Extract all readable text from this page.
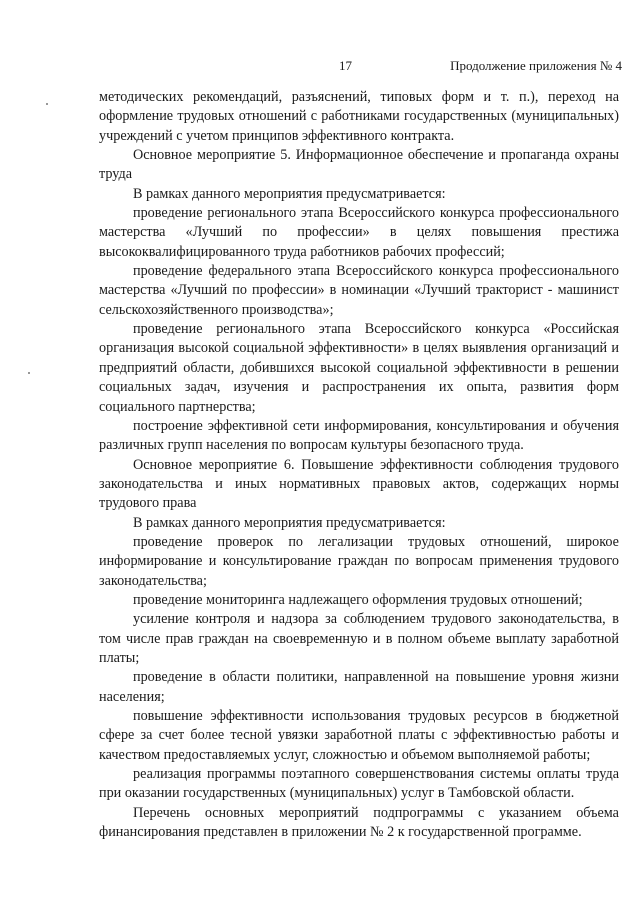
17	Продолжение приложения № 4

методических рекомендаций, разъяснений, типовых форм и т. п.), переход на оформление трудовых отношений с работниками государственных (муниципальных) учреждений с учетом принципов эффективного контракта.

Основное мероприятие 5. Информационное обеспечение и пропаганда охраны труда

В рамках данного мероприятия предусматривается:

проведение регионального этапа Всероссийского конкурса профессионального мастерства «Лучший по профессии» в целях повышения престижа высококвалифицированного труда работников рабочих профессий;

проведение федерального этапа Всероссийского конкурса профессионального мастерства «Лучший по профессии» в номинации «Лучший тракторист - машинист сельскохозяйственного производства»;

проведение регионального этапа Всероссийского конкурса «Российская организация высокой социальной эффективности» в целях выявления организаций и предприятий области, добившихся высокой социальной эффективности в решении социальных задач, изучения и распространения их опыта, развития форм социального партнерства;

построение эффективной сети информирования, консультирования и обучения различных групп населения по вопросам культуры безопасного труда.

Основное мероприятие 6. Повышение эффективности соблюдения трудового законодательства и иных нормативных правовых актов, содержащих нормы трудового права

В рамках данного мероприятия предусматривается:

проведение проверок по легализации трудовых отношений, широкое информирование и консультирование граждан по вопросам применения трудового законодательства;

проведение мониторинга надлежащего оформления трудовых отношений;

усиление контроля и надзора за соблюдением трудового законодательства, в том числе прав граждан на своевременную и в полном объеме выплату заработной платы;

проведение в области политики, направленной на повышение уровня жизни населения;

повышение эффективности использования трудовых ресурсов в бюджетной сфере за счет более тесной увязки заработной платы с эффективностью работы и качеством предоставляемых услуг, сложностью и объемом выполняемой работы;

реализация программы поэтапного совершенствования системы оплаты труда при оказании государственных (муниципальных) услуг в Тамбовской области.

Перечень основных мероприятий подпрограммы с указанием объема финансирования представлен в приложении № 2 к государственной программе.
